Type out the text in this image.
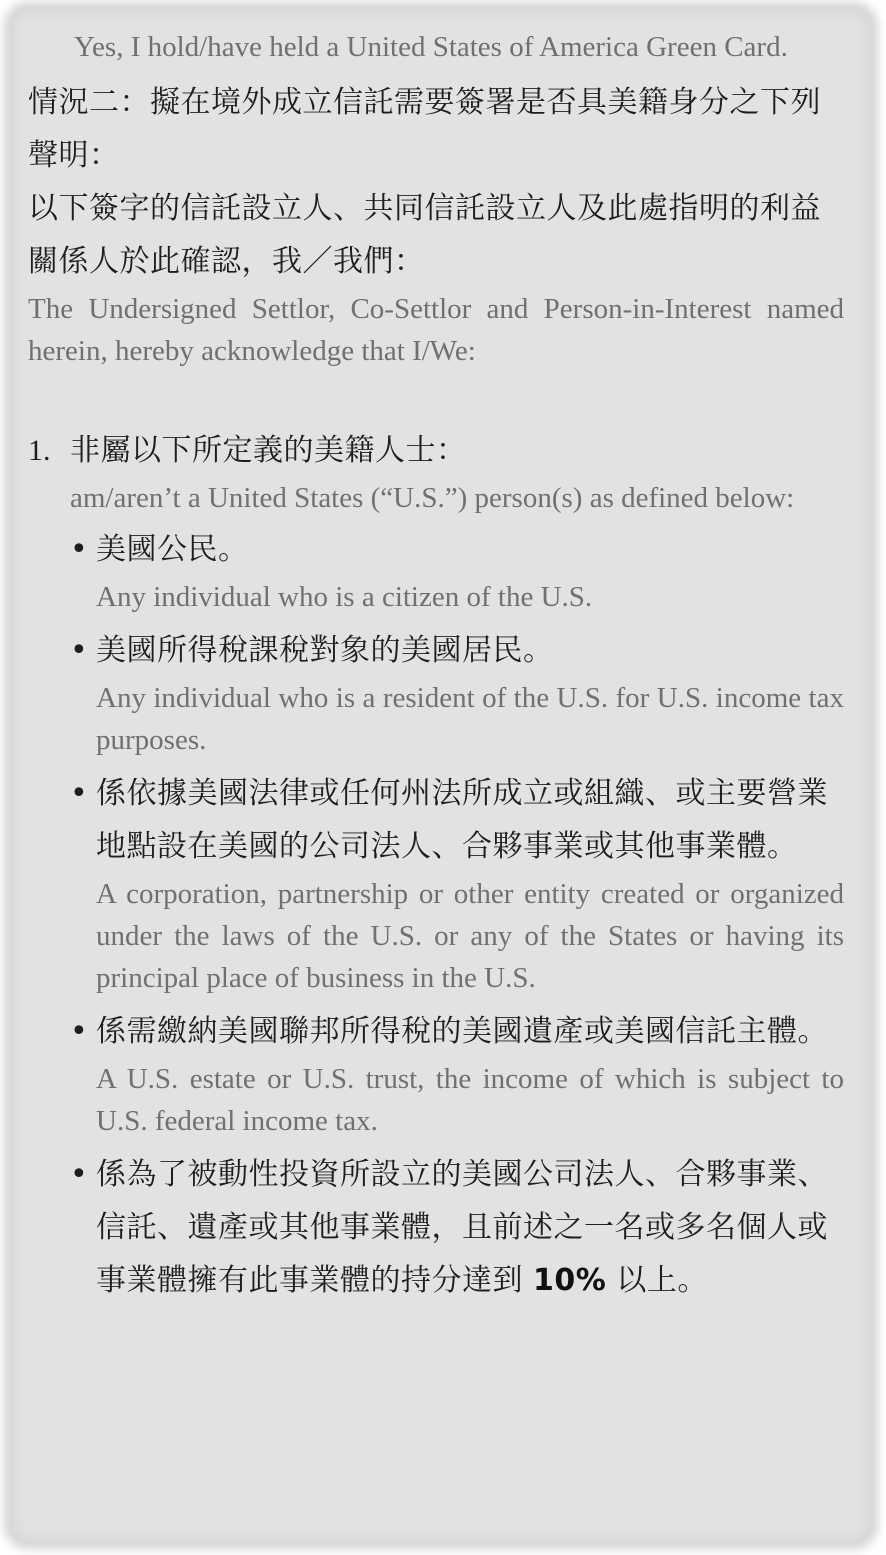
Yes, I hold/have held a United States of America Green Card.

情況二：擬在境外成立信託需要簽署是否具美籍身分之下列聲明：

以下簽字的信託設立人、共同信託設立人及此處指明的利益關係人於此確認，我／我們：

The Undersigned Settlor, Co-Settlor and Person-in-Interest named herein, hereby acknowledge that I/We:

1. 非屬以下所定義的美籍人士：

am/aren’t a United States (“U.S.”) person(s) as defined below:

• 美國公民。

Any individual who is a citizen of the U.S.

• 美國所得稅課稅對象的美國居民。

Any individual who is a resident of the U.S. for U.S. income tax purposes.

• 係依據美國法律或任何州法所成立或組織、或主要營業地點設在美國的公司法人、合夥事業或其他事業體。

A corporation, partnership or other entity created or organized under the laws of the U.S. or any of the States or having its principal place of business in the U.S.

• 係需繳納美國聯邦所得稅的美國遺產或美國信託主體。

A U.S. estate or U.S. trust, the income of which is subject to U.S. federal income tax.

• 係為了被動性投資所設立的美國公司法人、合夥事業、信託、遺產或其他事業體，且前述之一名或多名個人或事業體擁有此事業體的持分達到 10% 以上。
